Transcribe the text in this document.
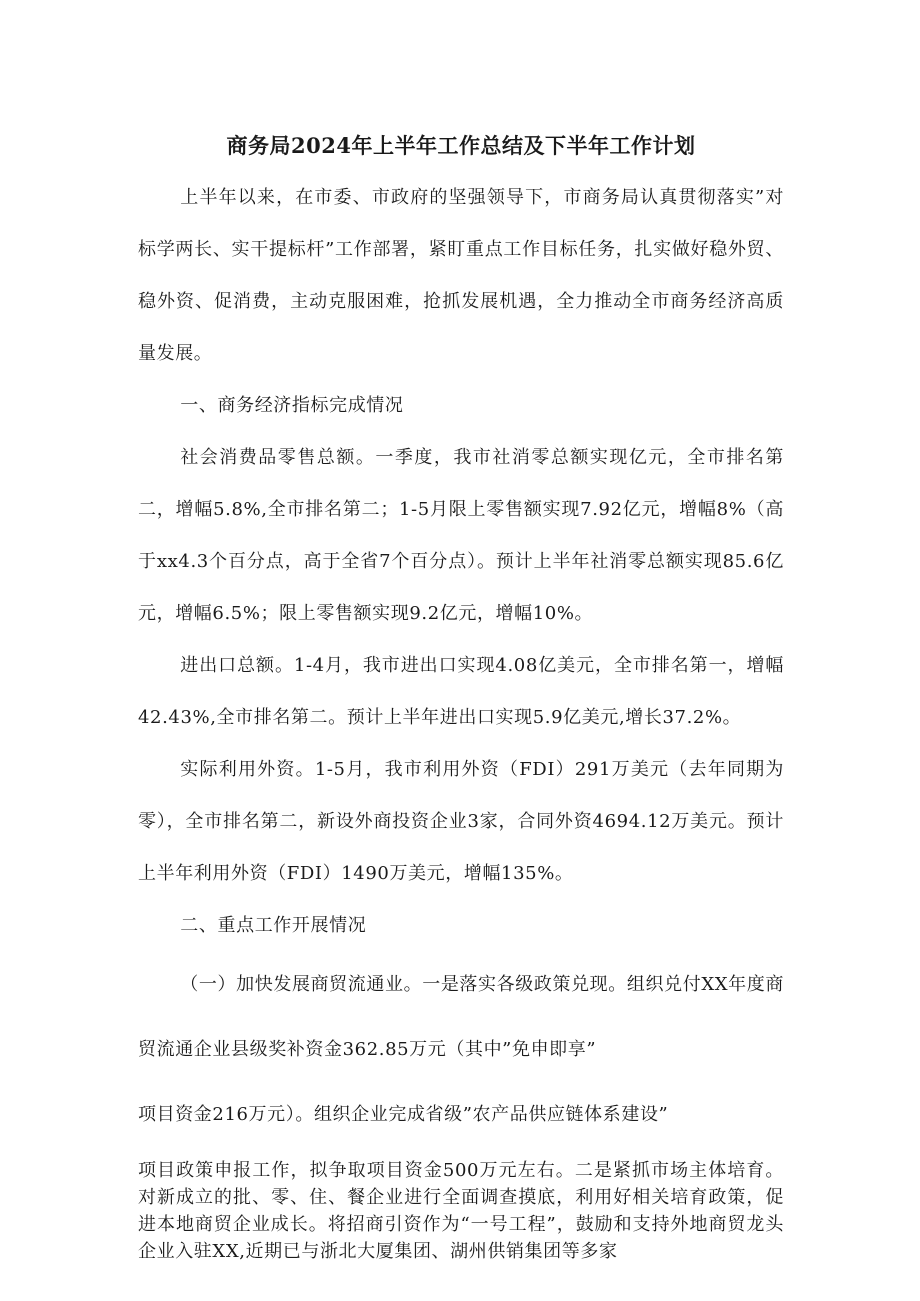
商务局2024年上半年工作总结及下半年工作计划

上半年以来，在市委、市政府的坚强领导下，市商务局认真贯彻落实”对标学两长、实干提标杆”工作部署，紧盯重点工作目标任务，扎实做好稳外贸、稳外资、促消费，主动克服困难，抢抓发展机遇，全力推动全市商务经济高质量发展。

一、商务经济指标完成情况

社会消费品零售总额。一季度，我市社消零总额实现亿元，全市排名第二，增幅5.8%,全市排名第二；1-5月限上零售额实现7.92亿元，增幅8%（高于xx4.3个百分点，高于全省7个百分点）。预计上半年社消零总额实现85.6亿元，增幅6.5%；限上零售额实现9.2亿元，增幅10%。

进出口总额。1-4月，我市进出口实现4.08亿美元，全市排名第一，增幅42.43%,全市排名第二。预计上半年进出口实现5.9亿美元,增长37.2%。

实际利用外资。1-5月，我市利用外资（FDI）291万美元（去年同期为零），全市排名第二，新设外商投资企业3家，合同外资4694.12万美元。预计上半年利用外资（FDI）1490万美元，增幅135%。

二、重点工作开展情况

（一）加快发展商贸流通业。一是落实各级政策兑现。组织兑付XX年度商贸流通企业县级奖补资金362.85万元（其中”免申即享”

项目资金216万元）。组织企业完成省级”农产品供应链体系建设”

项目政策申报工作，拟争取项目资金500万元左右。二是紧抓市场主体培育。对新成立的批、零、住、餐企业进行全面调查摸底，利用好相关培育政策，促进本地商贸企业成长。将招商引资作为“一号工程”，鼓励和支持外地商贸龙头企业入驻XX,近期已与浙北大厦集团、湖州供销集团等多家
